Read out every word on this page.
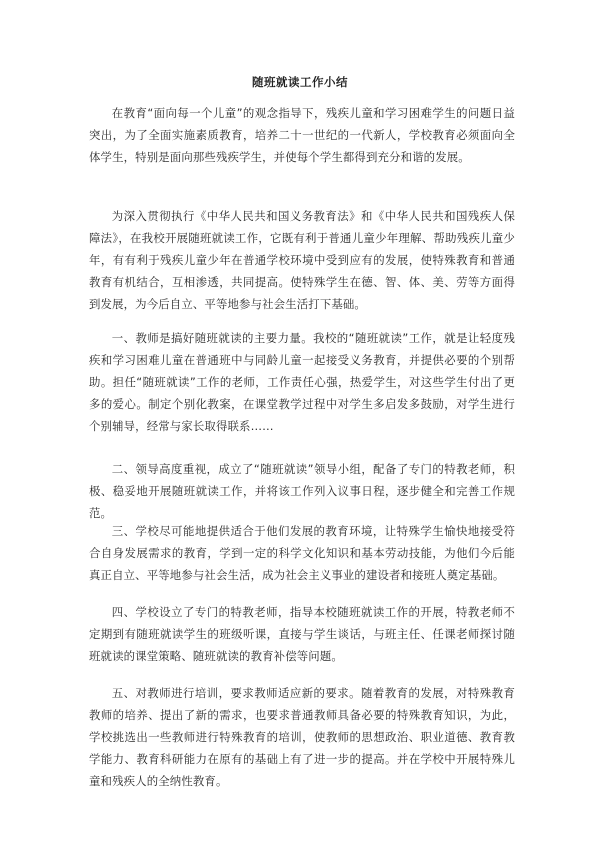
随班就读工作小结

在教育“面向每一个儿童”的观念指导下，残疾儿童和学习困难学生的问题日益突出，为了全面实施素质教育，培养二十一世纪的一代新人，学校教育必须面向全体学生，特别是面向那些残疾学生，并使每个学生都得到充分和谐的发展。

为深入贯彻执行《中华人民共和国义务教育法》和《中华人民共和国残疾人保障法》，在我校开展随班就读工作，它既有利于普通儿童少年理解、帮助残疾儿童少年，有有利于残疾儿童少年在普通学校环境中受到应有的发展，使特殊教育和普通教育有机结合，互相渗透，共同提高。使特殊学生在德、智、体、美、劳等方面得到发展，为今后自立、平等地参与社会生活打下基础。

一、教师是搞好随班就读的主要力量。我校的“随班就读”工作，就是让轻度残疾和学习困难儿童在普通班中与同龄儿童一起接受义务教育，并提供必要的个别帮助。担任“随班就读”工作的老师，工作责任心强，热爱学生，对这些学生付出了更多的爱心。制定个别化教案，在课堂教学过程中对学生多启发多鼓励，对学生进行个别辅导，经常与家长取得联系……

二、领导高度重视，成立了“随班就读”领导小组，配备了专门的特教老师，积极、稳妥地开展随班就读工作，并将该工作列入议事日程，逐步健全和完善工作规范。

三、学校尽可能地提供适合于他们发展的教育环境，让特殊学生愉快地接受符合自身发展需求的教育，学到一定的科学文化知识和基本劳动技能，为他们今后能真正自立、平等地参与社会生活，成为社会主义事业的建设者和接班人奠定基础。

四、学校设立了专门的特教老师，指导本校随班就读工作的开展，特教老师不定期到有随班就读学生的班级听课，直接与学生谈话，与班主任、任课老师探讨随班就读的课堂策略、随班就读的教育补偿等问题。

五、对教师进行培训，要求教师适应新的要求。随着教育的发展，对特殊教育教师的培养、提出了新的需求，也要求普通教师具备必要的特殊教育知识，为此，学校挑选出一些教师进行特殊教育的培训，使教师的思想政治、职业道德、教育教学能力、教育科研能力在原有的基础上有了进一步的提高。并在学校中开展特殊儿童和残疾人的全纳性教育。
